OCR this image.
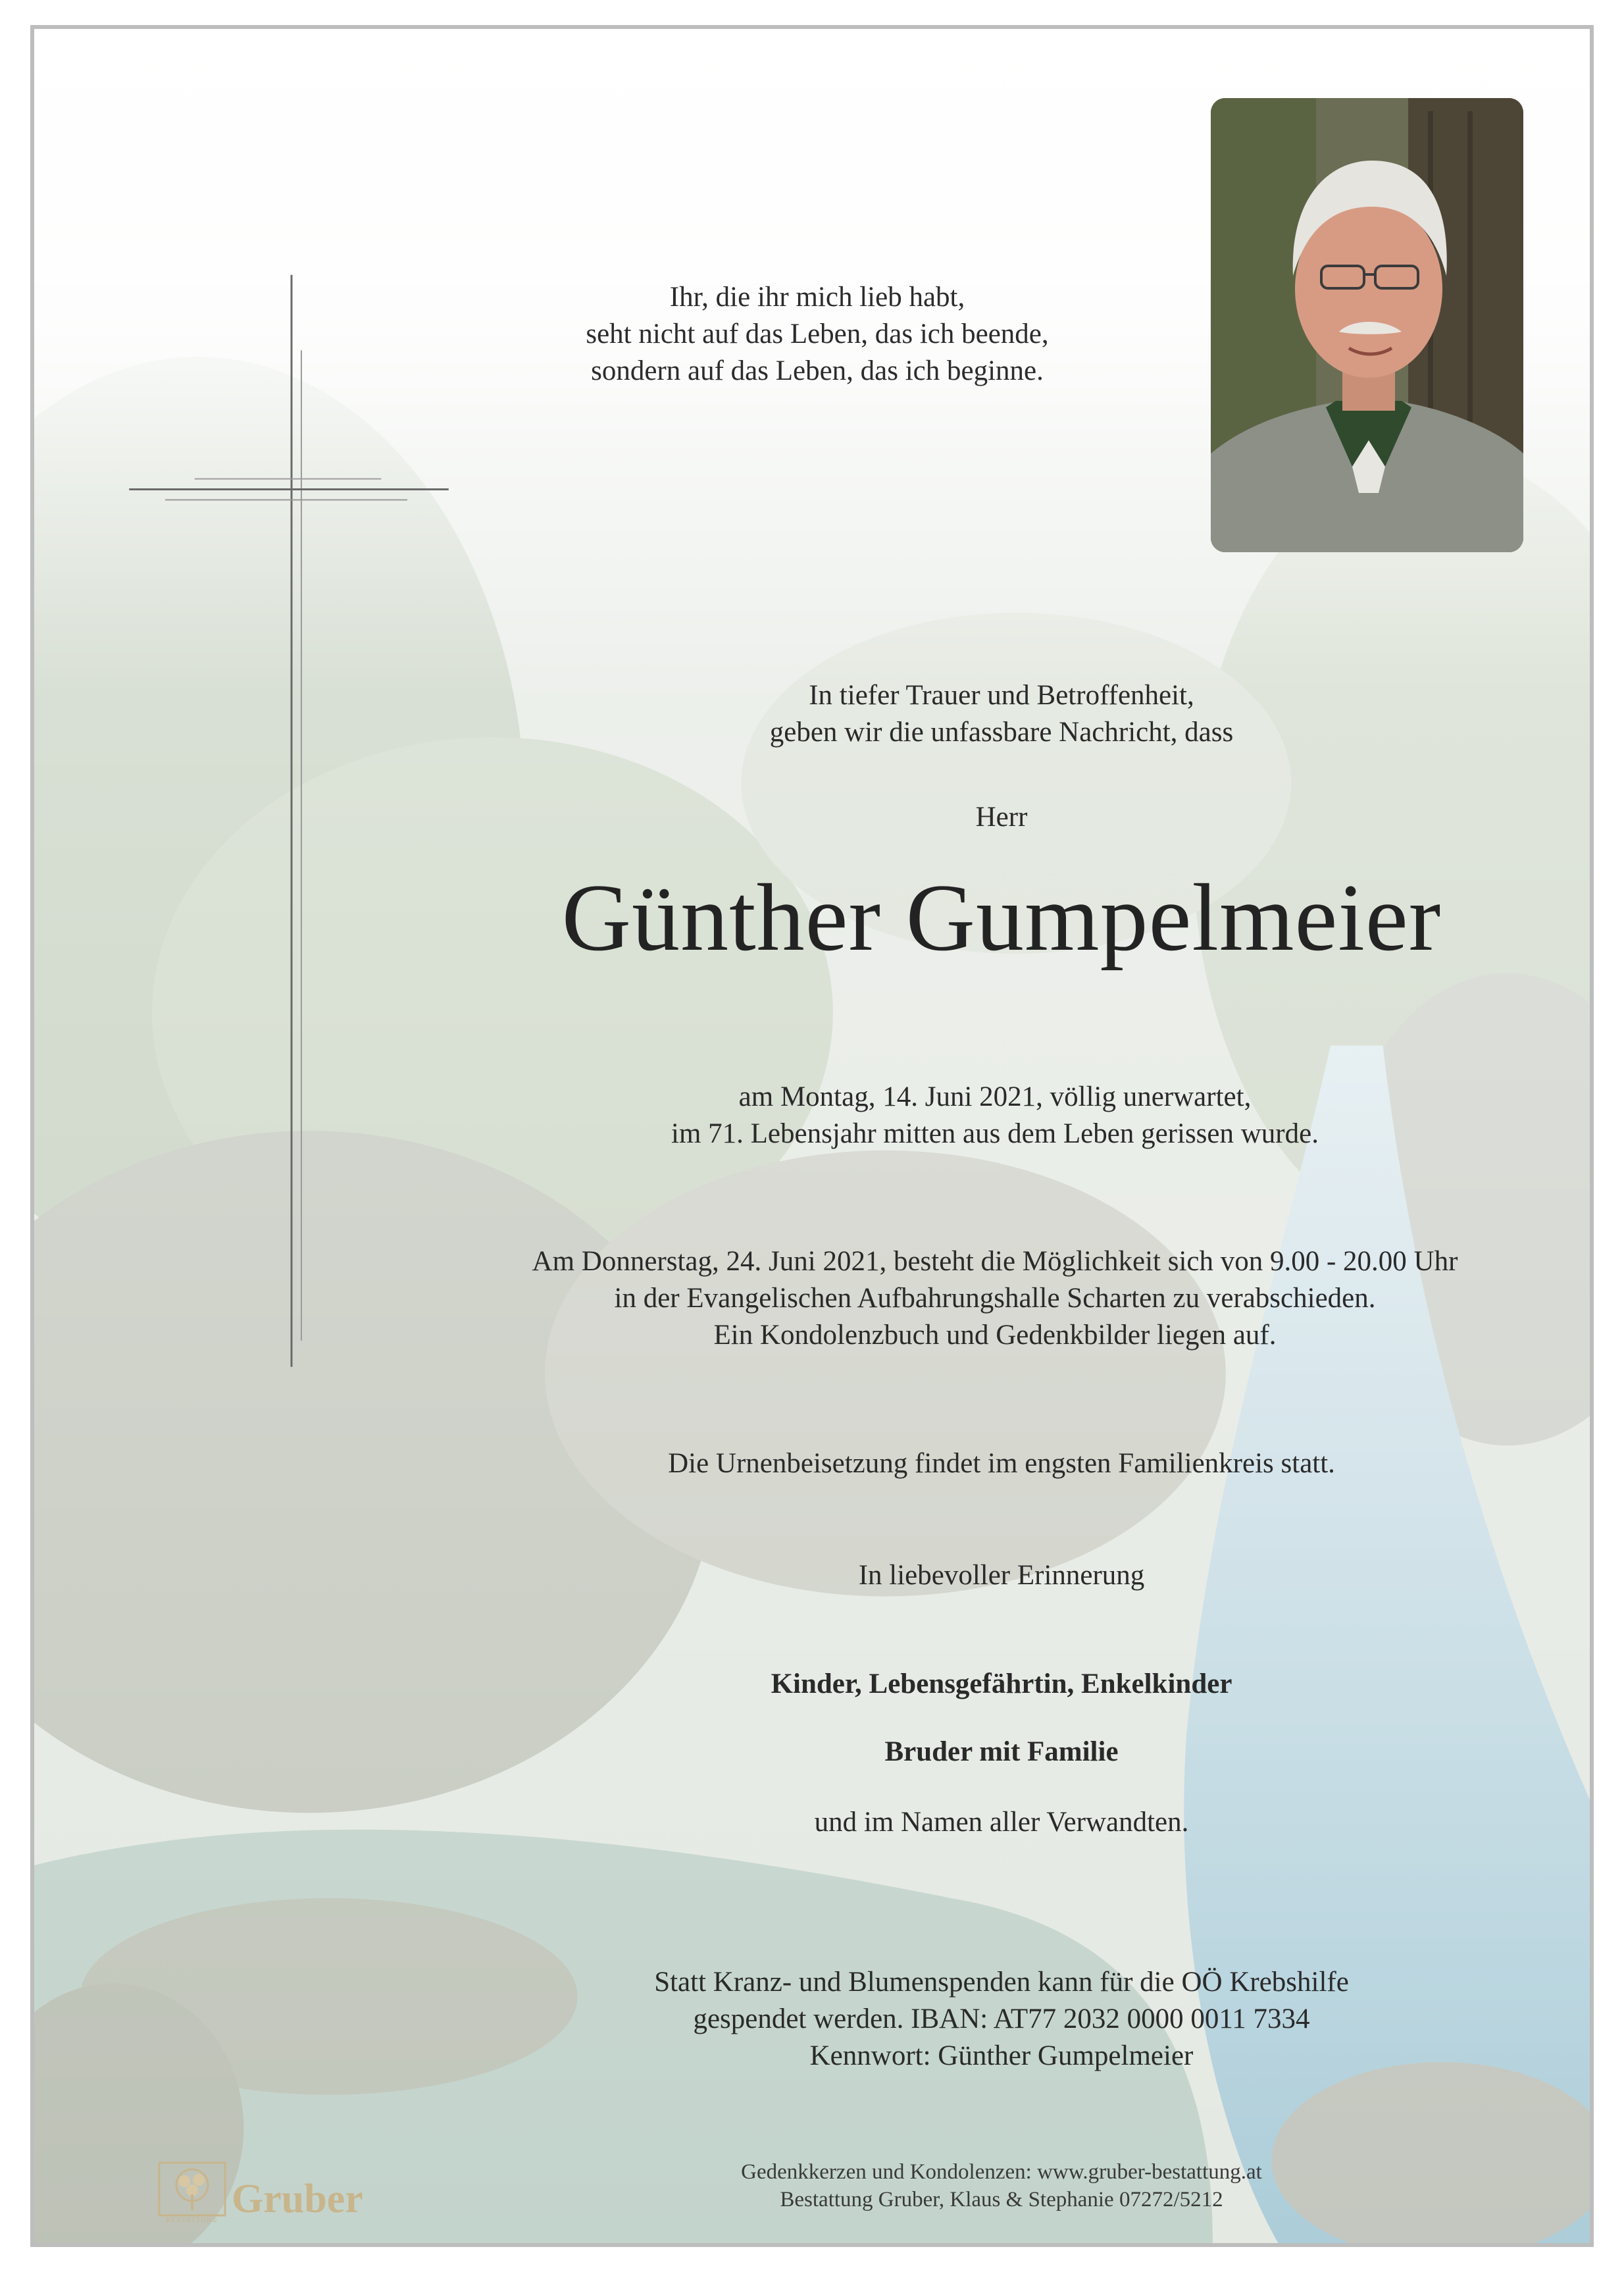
Ihr, die ihr mich lieb habt,
seht nicht auf das Leben, das ich beende,
sondern auf das Leben, das ich beginne.
In tiefer Trauer und Betroffenheit,
geben wir die unfassbare Nachricht, dass
Herr
Günther Gumpelmeier
am Montag, 14. Juni 2021, völlig unerwartet,
im 71. Lebensjahr mitten aus dem Leben gerissen wurde.
Am Donnerstag, 24. Juni 2021, besteht die Möglichkeit sich von 9.00 - 20.00 Uhr
in der Evangelischen Aufbahrungshalle Scharten zu verabschieden.
Ein Kondolenzbuch und Gedenkbilder liegen auf.
Die Urnenbeisetzung findet im engsten Familienkreis statt.
In liebevoller Erinnerung
Kinder, Lebensgefährtin, Enkelkinder
Bruder mit Familie
und im Namen aller Verwandten.
Statt Kranz- und Blumenspenden kann für die OÖ Krebshilfe
gespendet werden. IBAN: AT77 2032 0000 0011 7334
Kennwort: Günther Gumpelmeier
Gedenkkerzen und Kondolenzen: www.gruber-bestattung.at
Bestattung Gruber, Klaus & Stephanie 07272/5212
BESTATTUNG Gruber
